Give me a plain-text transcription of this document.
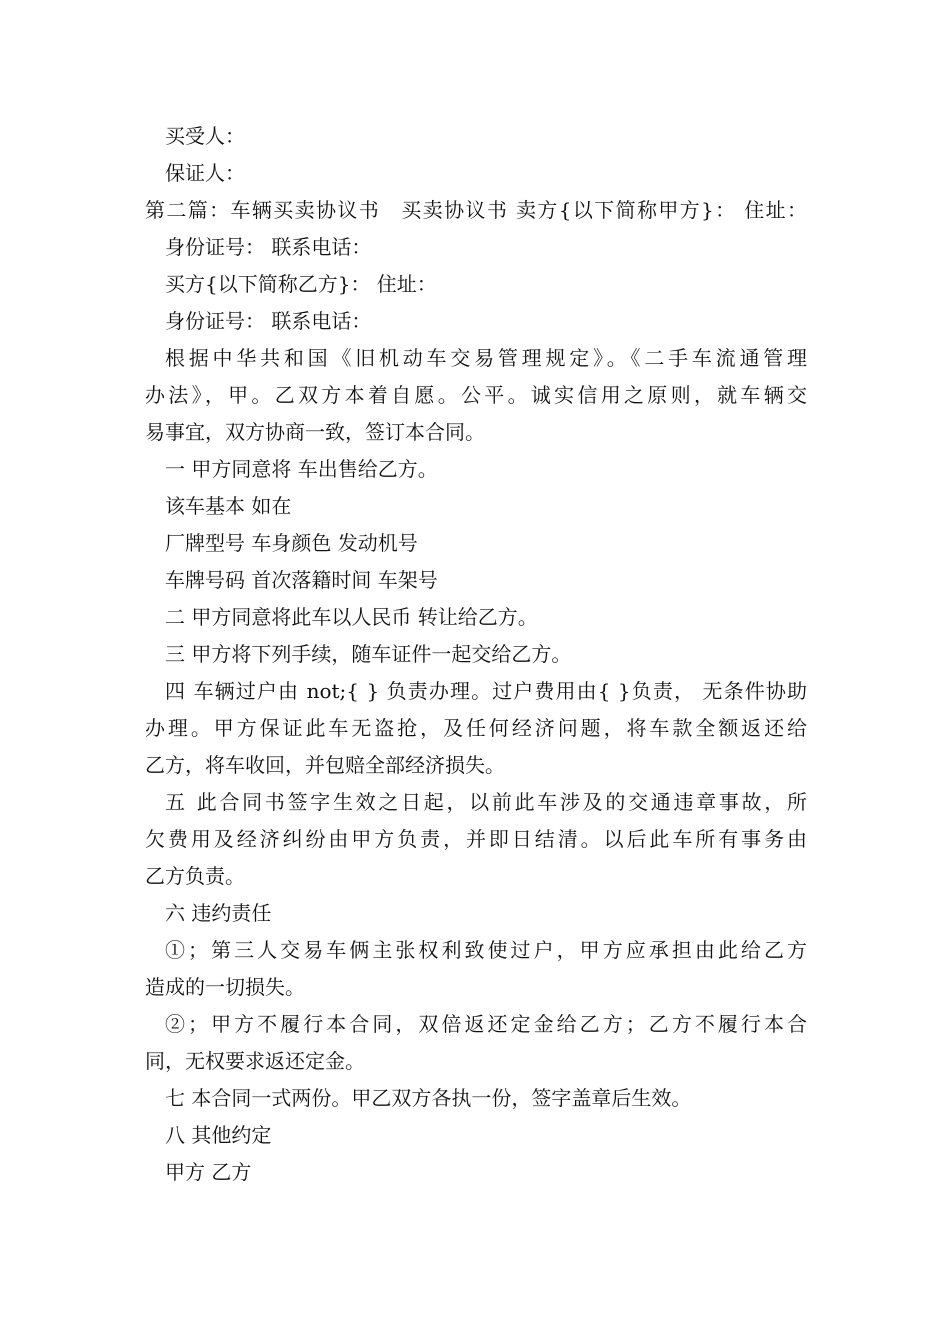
买受人：
保证人：
第二篇：车辆买卖协议书　买卖协议书 卖方{以下简称甲方}： 住址：
身份证号： 联系电话：
买方{以下简称乙方}： 住址：
身份证号： 联系电话：
根据中华共和国《旧机动车交易管理规定》。《二手车流通管理
办法》，甲。乙双方本着自愿。公平。诚实信用之原则，就车辆交
易事宜，双方协商一致，签订本合同。
一 甲方同意将 车出售给乙方。
该车基本 如在
厂牌型号 车身颜色 发动机号
车牌号码 首次落籍时间 车架号
二 甲方同意将此车以人民币 转让给乙方。
三 甲方将下列手续，随车证件一起交给乙方。
四 车辆过户由 not;{ } 负责办理。过户费用由{ }负责， 无条件协助
办理。甲方保证此车无盗抢，及任何经济问题，将车款全额返还给
乙方，将车收回，并包赔全部经济损失。
五 此合同书签字生效之日起，以前此车涉及的交通违章事故，所
欠费用及经济纠纷由甲方负责，并即日结清。以后此车所有事务由
乙方负责。
六 违约责任
①；第三人交易车俩主张权利致使过户，甲方应承担由此给乙方
造成的一切损失。
②；甲方不履行本合同，双倍返还定金给乙方；乙方不履行本合
同，无权要求返还定金。
七 本合同一式两份。甲乙双方各执一份，签字盖章后生效。
八 其他约定
甲方 乙方
